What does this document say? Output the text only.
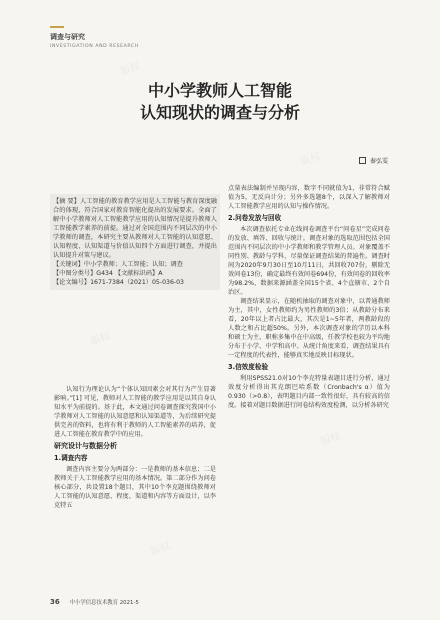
调查与研究
INVESTIGATION AND RESEARCH
中小学教师人工智能
认知现状的调查与分析
秦弘雯

【摘 要】人工智能的教育教学应用是人工智能与教育深度融合的体现，符合国家对教育智能化提出的发展要求。全面了解中小学教师对人工智能教学应用的认知情况是提升教师人工智能教学素养的前提。通过对全国范围内不同层次的中小学教师的调查，本研究主要从教师对人工智能的认知意愿、认知程度、认知渠道与价值认知四个方面进行调查，并提出认知提升对策与建议。

【关键词】中小学教师；人工智能；认知；调查

【中图分类号】G434 【文献标识码】A

【论文编号】1671-7384（2021）05-036-03

认知行为理论认为“个体认知因素会对其行为产生显著影响。”[1] 可见，教师对人工智能的教学应用是以其自身认知水平为前提的。基于此，本文通过问卷调查探究我国中小学教师对人工智能的认知意愿和认知渠道等，为后续研究提供完善的资料，也将有利于教师的人工智能素养的培养，促进人工智能在教育教学中的应用。

研究设计与数据分析
1.调查内容

调查内容主要分为两部分：一是教师的基本信息；二是教师关于人工智能教学应用的基本情况。第二部分作为问卷核心部分，共设置18个题目，其中10个李克题围绕教师对人工智能的认知意愿、程度、渠道和内容等方面设计，以李克特五

点量表法编制并呈现内容，数字不同就值为1，非常符合赋值为5，无反向计分；另外多选题8个，以深入了解教师对人工智能教学应用的认知与操作情况。

2.问卷发放与回收

本次调查依托专业在线问卷调查平台“问卷星”完成问卷的发放、填答、回收与统计。调查对象的选取范围包括全国范围内不同层次的中小学教师和教学管理人员。对象覆盖不同性别、教龄与学科，尽量保证调查结果的普遍性。调查时间为2020年9月30日至10月11日，共回收707份，剔除无效问卷13份，确定最终有效问卷694份，有效问卷的回收率为98.2%，数据来源涵盖全国15个省、4个直辖市、2个自治区。

调查结果显示，在随机抽取的调查对象中，以普通教师为主，其中，女性教师约为男性教师的3倍；从教龄分布来看，20年以上者占比最大，其次是1~5年者，两教龄段的人数之和占比超50%。另外，本次调查对象的学历以本科和硕士为主，职称多集中在中高级，任教学校也较为平均地分布于小学、中学和高中。从统计角度来看，调查结果具有一定程度的代表性，能够真实地反映目标现状。

3.信效度检验

利用SPSS21.0对10个李克特量表题目进行分析，通过效度分析得出其克朗巴哈系数（Cronbach's α）值为0.930（>0.8），表明题目内部一致性很好，具有较高的信度。接着对题目数据进行问卷结构效度检测，以分析各研究

36 中小学信息技术教育 2021-5
版权
版权
版权
版权
版权
